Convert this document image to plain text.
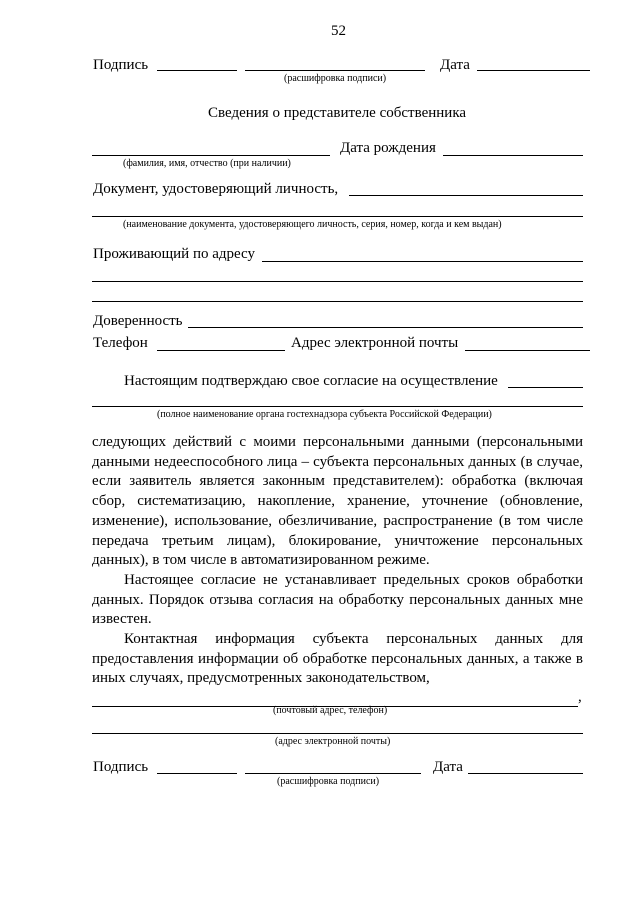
52
Подпись	Дата
(расшифровка подписи)
Сведения о представителе собственника
Дата рождения
(фамилия, имя, отчество (при наличии)
Документ, удостоверяющий личность,
(наименование документа, удостоверяющего личность, серия, номер, когда и кем выдан)
Проживающий по адресу
Доверенность
Телефон	Адрес электронной почты
Настоящим подтверждаю свое согласие на осуществление
(полное наименование органа гостехнадзора субъекта Российской Федерации)
следующих действий с моими персональными данными (персональными данными недееспособного лица – субъекта персональных данных (в случае, если заявитель является законным представителем): обработка (включая сбор, систематизацию, накопление, хранение, уточнение (обновление, изменение), использование, обезличивание, распространение (в том числе передача третьим лицам), блокирование, уничтожение персональных данных), в том числе в автоматизированном режиме.
Настоящее согласие не устанавливает предельных сроков обработки данных. Порядок отзыва согласия на обработку персональных данных мне известен.
Контактная информация субъекта персональных данных для предоставления информации об обработке персональных данных, а также в иных случаях, предусмотренных законодательством,
,
(почтовый адрес, телефон)
(адрес электронной почты)
Подпись	Дата
(расшифровка подписи)
